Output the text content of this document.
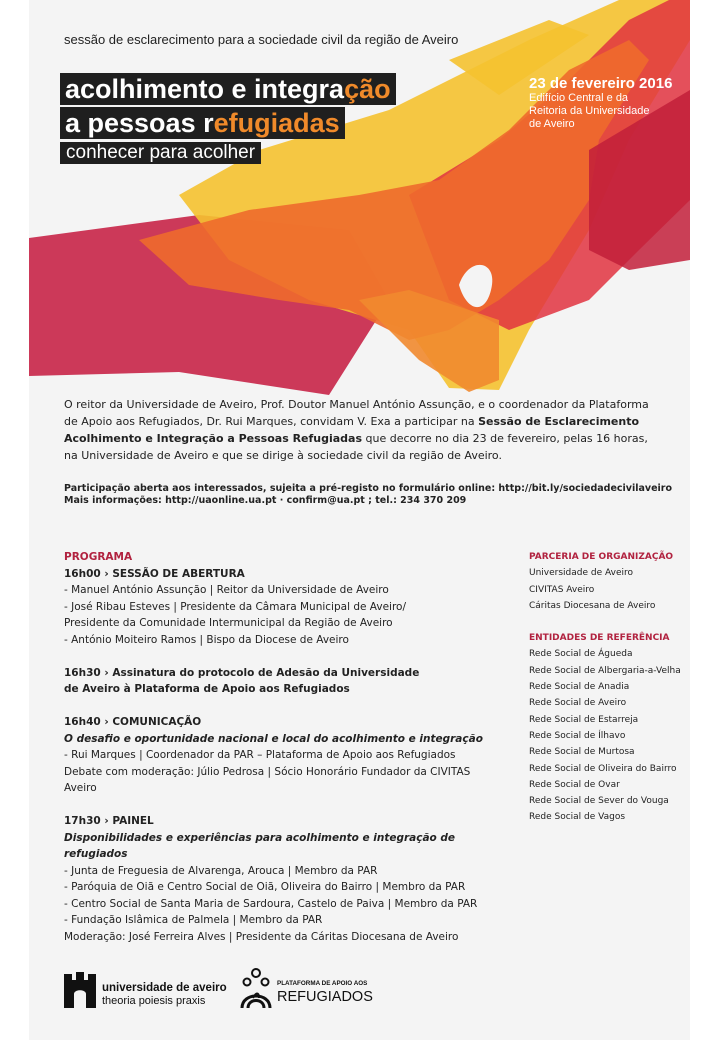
sessão de esclarecimento para a sociedade civil da região de Aveiro
acolhimento e integração
a pessoas refugiadas
conhecer para acolher
23 de fevereiro 2016
Edifício Central e da
Reitoria da Universidade
de Aveiro
O reitor da Universidade de Aveiro, Prof. Doutor Manuel António Assunção, e o coordenador da Plataforma de Apoio aos Refugiados, Dr. Rui Marques, convidam V. Exa a participar na Sessão de Esclarecimento Acolhimento e Integração a Pessoas Refugiadas que decorre no dia 23 de fevereiro, pelas 16 horas, na Universidade de Aveiro e que se dirige à sociedade civil da região de Aveiro.
Participação aberta aos interessados, sujeita a pré-registo no formulário online: http://bit.ly/sociedadecivilaveiro
Mais informações: http://uaonline.ua.pt · confirm@ua.pt ; tel.: 234 370 209
PROGRAMA
16h00 › SESSÃO DE ABERTURA
- Manuel António Assunção | Reitor da Universidade de Aveiro
- José Ribau Esteves | Presidente da Câmara Municipal de Aveiro/
Presidente da Comunidade Intermunicipal da Região de Aveiro
- António Moiteiro Ramos | Bispo da Diocese de Aveiro
16h30 › Assinatura do protocolo de Adesão da Universidade
de Aveiro à Plataforma de Apoio aos Refugiados
16h40 › COMUNICAÇÃO
O desafio e oportunidade nacional e local do acolhimento e integração
- Rui Marques | Coordenador da PAR – Plataforma de Apoio aos Refugiados
Debate com moderação: Júlio Pedrosa | Sócio Honorário Fundador da CIVITAS Aveiro
17h30 › PAINEL
Disponibilidades e experiências para acolhimento e integração de refugiados
- Junta de Freguesia de Alvarenga, Arouca | Membro da PAR
- Paróquia de Oiã e Centro Social de Oiã, Oliveira do Bairro | Membro da PAR
- Centro Social de Santa Maria de Sardoura, Castelo de Paiva | Membro da PAR
- Fundação Islâmica de Palmela | Membro da PAR
Moderação: José Ferreira Alves | Presidente da Cáritas Diocesana de Aveiro
PARCERIA DE ORGANIZAÇÃO
Universidade de Aveiro
CIVITAS Aveiro
Cáritas Diocesana de Aveiro
ENTIDADES DE REFERÊNCIA
Rede Social de Águeda
Rede Social de Albergaria-a-Velha
Rede Social de Anadia
Rede Social de Aveiro
Rede Social de Estarreja
Rede Social de Ílhavo
Rede Social de Murtosa
Rede Social de Oliveira do Bairro
Rede Social de Ovar
Rede Social de Sever do Vouga
Rede Social de Vagos
universidade de aveiro
theoria poiesis praxis
PLATAFORMA DE APOIO AOS
REFUGIADOS
